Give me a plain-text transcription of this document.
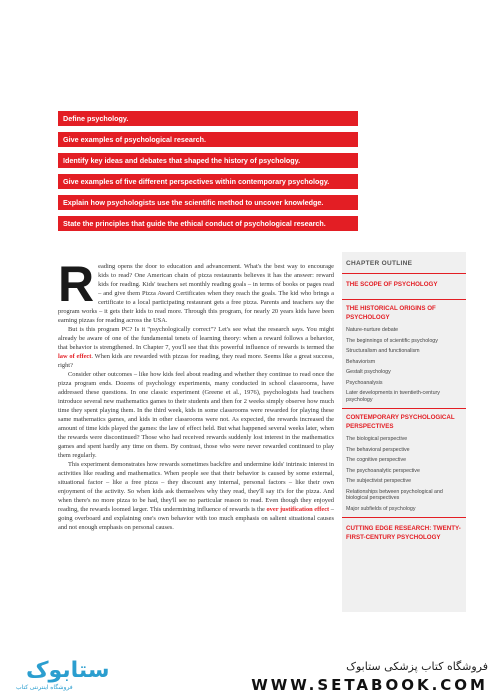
Define psychology.
Give examples of psychological research.
Identify key ideas and debates that shaped the history of psychology.
Give examples of five different perspectives within contemporary psychology.
Explain how psychologists use the scientific method to uncover knowledge.
State the principles that guide the ethical conduct of psychological research.

Reading opens the door to education and advancement. What's the best way to encourage kids to read? One American chain of pizza restaurants believes it has the answer: reward kids for reading. Kids' teachers set monthly reading goals – in terms of books or pages read – and give them Pizza Award Certificates when they reach the goals. The kid who brings a certificate to a local participating restaurant gets a free pizza. Parents and teachers say the program works – it gets their kids to read more. Through this program, for nearly 20 years kids have been earning pizzas for reading across the USA.

But is this program PC? Is it "psychologically correct"? Let's see what the research says. You might already be aware of one of the fundamental tenets of learning theory: when a reward follows a behavior, that behavior is strengthened. In Chapter 7, you'll see that this powerful influence of rewards is termed the law of effect. When kids are rewarded with pizzas for reading, they read more. Seems like a great success, right?

Consider other outcomes – like how kids feel about reading and whether they continue to read once the pizza program ends. Dozens of psychology experiments, many conducted in school classrooms, have addressed these questions. In one classic experiment (Greene et al., 1976), psychologists had teachers introduce several new mathematics games to their students and then for 2 weeks simply observe how much time they spent playing them. In the third week, kids in some classrooms were rewarded for playing these same mathematics games, and kids in other classrooms were not. As expected, the rewards increased the amount of time kids played the games: the law of effect held. But what happened several weeks later, when the rewards were discontinued? Those who had received rewards suddenly lost interest in the mathematics games and spent hardly any time on them. By contrast, those who were never rewarded continued to play them regularly.

This experiment demonstrates how rewards sometimes backfire and undermine kids' intrinsic interest in activities like reading and mathematics. When people see that their behavior is caused by some external, situational factor – like a free pizza – they discount any internal, personal factors – like their own enjoyment of the activity. So when kids ask themselves why they read, they'll say it's for the pizza. And when there's no more pizza to be had, they'll see no particular reason to read. Even though they enjoyed reading, the rewards loomed larger. This undermining influence of rewards is the over justification effect – going overboard and explaining one's own behavior with too much emphasis on salient situational causes and not enough emphasis on personal causes.

CHAPTER OUTLINE
THE SCOPE OF PSYCHOLOGY
THE HISTORICAL ORIGINS OF PSYCHOLOGY
Nature-nurture debate
The beginnings of scientific psychology
Structuralism and functionalism
Behaviorism
Gestalt psychology
Psychoanalysis
Later developments in twentieth-century psychology
CONTEMPORARY PSYCHOLOGICAL PERSPECTIVES
The biological perspective
The behavioral perspective
The cognitive perspective
The psychoanalytic perspective
The subjectivist perspective
Relationships between psychological and biological perspectives
Major subfields of psychology
CUTTING EDGE RESEARCH: TWENTY-FIRST-CENTURY PSYCHOLOGY
ستابوک
فروشگاه اینترنتی کتاب
فروشگاه کتاب پزشکی ستابوک
WWW.SETABOOK.COM
